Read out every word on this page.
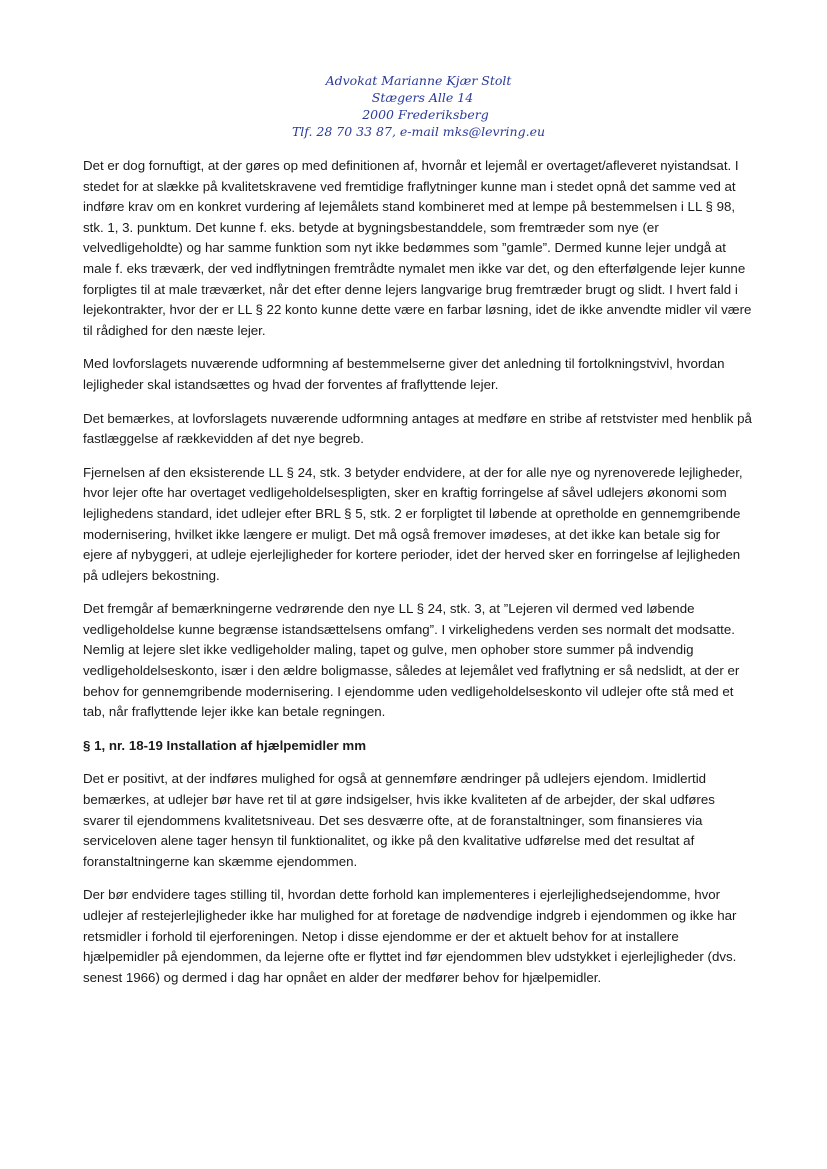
Advokat Marianne Kjær Stolt
Stægers Alle 14
2000 Frederiksberg
Tlf. 28 70 33 87, e-mail mks@levring.eu

Det er dog fornuftigt, at der gøres op med definitionen af, hvornår et lejemål er overtaget/afleveret nyistandsat. I stedet for at slække på kvalitetskravene ved fremtidige fraflytninger kunne man i stedet opnå det samme ved at indføre krav om en konkret vurdering af lejemålets stand kombineret med at lempe på bestemmelsen i LL § 98, stk. 1, 3. punktum. Det kunne f. eks. betyde at bygningsbestanddele, som fremtræder som nye (er velvedligeholdte) og har samme funktion som nyt ikke bedømmes som ”gamle”. Dermed kunne lejer undgå at male f. eks træværk, der ved indflytningen fremtrådte nymalet men ikke var det, og den efterfølgende lejer kunne forpligtes til at male træværket, når det efter denne lejers langvarige brug fremtræder brugt og slidt. I hvert fald i lejekontrakter, hvor der er LL § 22 konto kunne dette være en farbar løsning, idet de ikke anvendte midler vil være til rådighed for den næste lejer.

Med lovforslagets nuværende udformning af bestemmelserne giver det anledning til fortolkningstvivl, hvordan lejligheder skal istandsættes og hvad der forventes af fraflyttende lejer.

Det bemærkes, at lovforslagets nuværende udformning antages at medføre en stribe af retstvister med henblik på fastlæggelse af rækkevidden af det nye begreb.

Fjernelsen af den eksisterende LL § 24, stk. 3 betyder endvidere, at der for alle nye og nyrenoverede lejligheder, hvor lejer ofte har overtaget vedligeholdelsespligten, sker en kraftig forringelse af såvel udlejers økonomi som lejlighedens standard, idet udlejer efter BRL § 5, stk. 2 er forpligtet til løbende at opretholde en gennemgribende modernisering, hvilket ikke længere er muligt. Det må også fremover imødeses, at det ikke kan betale sig for ejere af nybyggeri, at udleje ejerlejligheder for kortere perioder, idet der herved sker en forringelse af lejligheden på udlejers bekostning.

Det fremgår af bemærkningerne vedrørende den nye LL § 24, stk. 3, at ”Lejeren vil dermed ved løbende vedligeholdelse kunne begrænse istandsættelsens omfang”. I virkelighedens verden ses normalt det modsatte. Nemlig at lejere slet ikke vedligeholder maling, tapet og gulve, men ophober store summer på indvendig vedligeholdelseskonto, især i den ældre boligmasse, således at lejemålet ved fraflytning er så nedslidt, at der er behov for gennemgribende modernisering. I ejendomme uden vedligeholdelseskonto vil udlejer ofte stå med et tab, når fraflyttende lejer ikke kan betale regningen.

§ 1, nr. 18-19 Installation af hjælpemidler mm

Det er positivt, at der indføres mulighed for også at gennemføre ændringer på udlejers ejendom. Imidlertid bemærkes, at udlejer bør have ret til at gøre indsigelser, hvis ikke kvaliteten af de arbejder, der skal udføres svarer til ejendommens kvalitetsniveau. Det ses desværre ofte, at de foranstaltninger, som finansieres via serviceloven alene tager hensyn til funktionalitet, og ikke på den kvalitative udførelse med det resultat af foranstaltningerne kan skæmme ejendommen.

Der bør endvidere tages stilling til, hvordan dette forhold kan implementeres i ejerlejlighedsejendomme, hvor udlejer af restejerlejligheder ikke har mulighed for at foretage de nødvendige indgreb i ejendommen og ikke har retsmidler i forhold til ejerforeningen. Netop i disse ejendomme er der et aktuelt behov for at installere hjælpemidler på ejendommen, da lejerne ofte er flyttet ind før ejendommen blev udstykket i ejerlejligheder (dvs. senest 1966) og dermed i dag har opnået en alder der medfører behov for hjælpemidler.
